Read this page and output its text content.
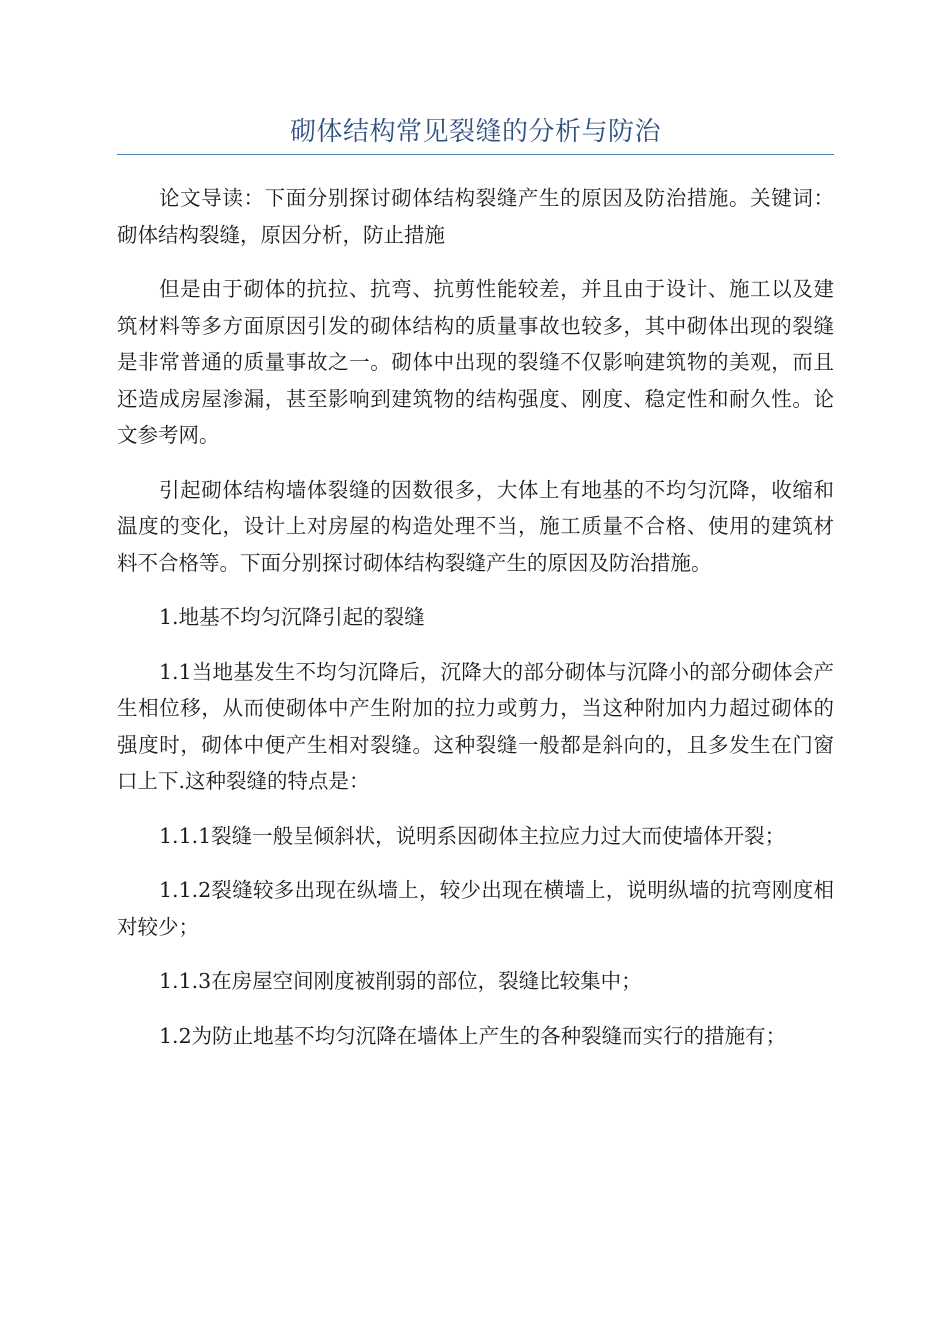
砌体结构常见裂缝的分析与防治

论文导读：下面分别探讨砌体结构裂缝产生的原因及防治措施。关键词：砌体结构裂缝，原因分析，防止措施

但是由于砌体的抗拉、抗弯、抗剪性能较差，并且由于设计、施工以及建筑材料等多方面原因引发的砌体结构的质量事故也较多，其中砌体出现的裂缝是非常普通的质量事故之一。砌体中出现的裂缝不仅影响建筑物的美观，而且还造成房屋渗漏，甚至影响到建筑物的结构强度、刚度、稳定性和耐久性。论文参考网。

引起砌体结构墙体裂缝的因数很多，大体上有地基的不均匀沉降，收缩和温度的变化，设计上对房屋的构造处理不当，施工质量不合格、使用的建筑材料不合格等。下面分别探讨砌体结构裂缝产生的原因及防治措施。

1.地基不均匀沉降引起的裂缝

1.1当地基发生不均匀沉降后，沉降大的部分砌体与沉降小的部分砌体会产生相位移，从而使砌体中产生附加的拉力或剪力，当这种附加内力超过砌体的强度时，砌体中便产生相对裂缝。这种裂缝一般都是斜向的，且多发生在门窗口上下.这种裂缝的特点是：

1.1.1裂缝一般呈倾斜状，说明系因砌体主拉应力过大而使墙体开裂；

1.1.2裂缝较多出现在纵墙上，较少出现在横墙上，说明纵墙的抗弯刚度相对较少；

1.1.3在房屋空间刚度被削弱的部位，裂缝比较集中；

1.2为防止地基不均匀沉降在墙体上产生的各种裂缝而实行的措施有；
